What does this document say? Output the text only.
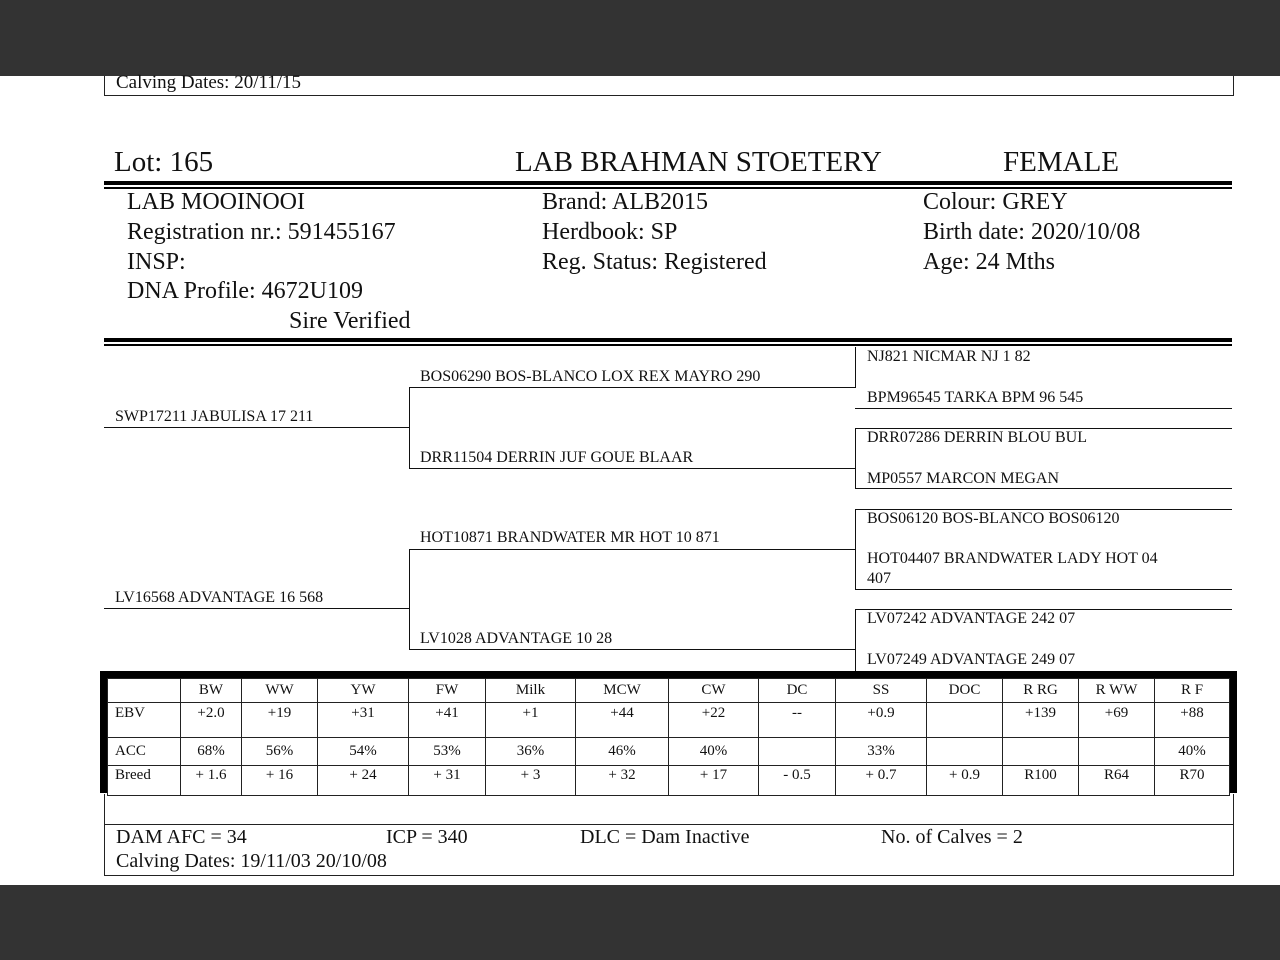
Calving Dates: 20/11/15
Lot: 165	LAB BRAHMAN STOETERY	FEMALE
LAB MOOINOOI
Registration nr.: 591455167
INSP:
DNA Profile: 4672U109
Sire Verified
Brand: ALB2015
Herdbook: SP
Reg. Status: Registered
Colour: GREY
Birth date: 2020/10/08
Age: 24 Mths
SWP17211 JABULISA 17 211
LV16568 ADVANTAGE 16 568
BOS06290 BOS-BLANCO LOX REX MAYRO 290
DRR11504 DERRIN JUF GOUE BLAAR
HOT10871 BRANDWATER MR HOT 10 871
LV1028 ADVANTAGE 10 28
NJ821 NICMAR NJ 1 82
BPM96545 TARKA BPM 96 545
DRR07286 DERRIN BLOU BUL
MP0557 MARCON MEGAN
BOS06120 BOS-BLANCO BOS06120
HOT04407 BRANDWATER LADY HOT 04
407
LV07242 ADVANTAGE 242 07
LV07249 ADVANTAGE 249 07
	BW	WW	YW	FW	Milk	MCW	CW	DC	SS	DOC	R RG	R WW	R F
EBV	+2.0	+19	+31	+41	+1	+44	+22	--	+0.9		+139	+69	+88
ACC	68%	56%	54%	53%	36%	46%	40%		33%				40%
Breed	+ 1.6	+ 16	+ 24	+ 31	+ 3	+ 32	+ 17	- 0.5	+ 0.7	+ 0.9	R100	R64	R70
DAM AFC = 34	ICP = 340	DLC = Dam Inactive	No. of Calves = 2
Calving Dates: 19/11/03 20/10/08
